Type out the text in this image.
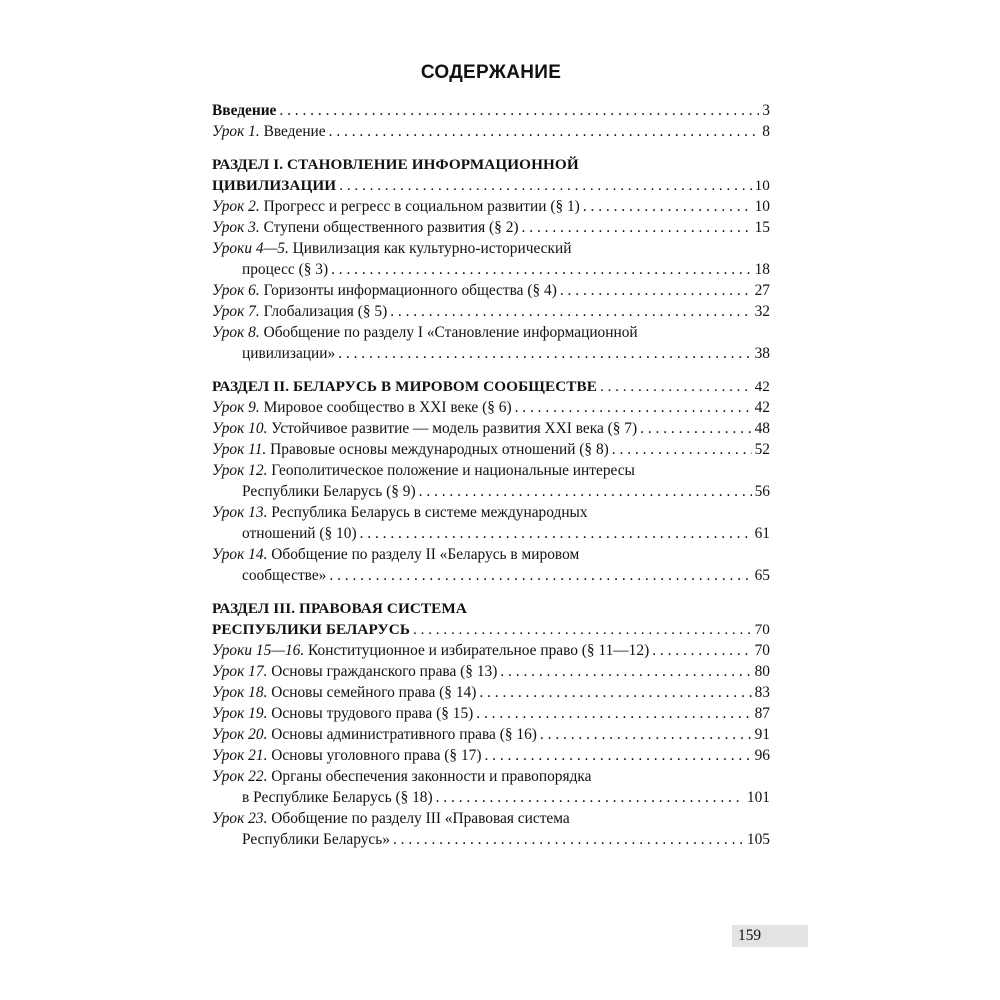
СОДЕРЖАНИЕ
Введение . . .	3
Урок 1. Введение . . .	8
РАЗДЕЛ I. СТАНОВЛЕНИЕ ИНФОРМАЦИОННОЙ
ЦИВИЛИЗАЦИИ . . .	10
Урок 2. Прогресс и регресс в социальном развитии (§ 1) . . .	10
Урок 3. Ступени общественного развития (§ 2) . . .	15
Уроки 4—5. Цивилизация как культурно-исторический
процесс (§ 3) . . .	18
Урок 6. Горизонты информационного общества (§ 4) . . .	27
Урок 7. Глобализация (§ 5) . . .	32
Урок 8. Обобщение по разделу I «Становление информационной
цивилизации» . . .	38
РАЗДЕЛ II. БЕЛАРУСЬ В МИРОВОМ СООБЩЕСТВЕ . . .	42
Урок 9. Мировое сообщество в XXI веке (§ 6) . . .	42
Урок 10. Устойчивое развитие — модель развития XXI века (§ 7) . . .	48
Урок 11. Правовые основы международных отношений (§ 8) . . .	52
Урок 12. Геополитическое положение и национальные интересы
Республики Беларусь (§ 9) . . .	56
Урок 13. Республика Беларусь в системе международных
отношений (§ 10) . . .	61
Урок 14. Обобщение по разделу II «Беларусь в мировом
сообществе» . . .	65
РАЗДЕЛ III. ПРАВОВАЯ СИСТЕМА
РЕСПУБЛИКИ БЕЛАРУСЬ . . .	70
Уроки 15—16. Конституционное и избирательное право (§ 11—12) . . .	70
Урок 17. Основы гражданского права (§ 13) . . .	80
Урок 18. Основы семейного права (§ 14) . . .	83
Урок 19. Основы трудового права (§ 15) . . .	87
Урок 20. Основы административного права (§ 16) . . .	91
Урок 21. Основы уголовного права (§ 17) . . .	96
Урок 22. Органы обеспечения законности и правопорядка
в Республике Беларусь (§ 18) . . .	101
Урок 23. Обобщение по разделу III «Правовая система
Республики Беларусь» . . .	105
159
